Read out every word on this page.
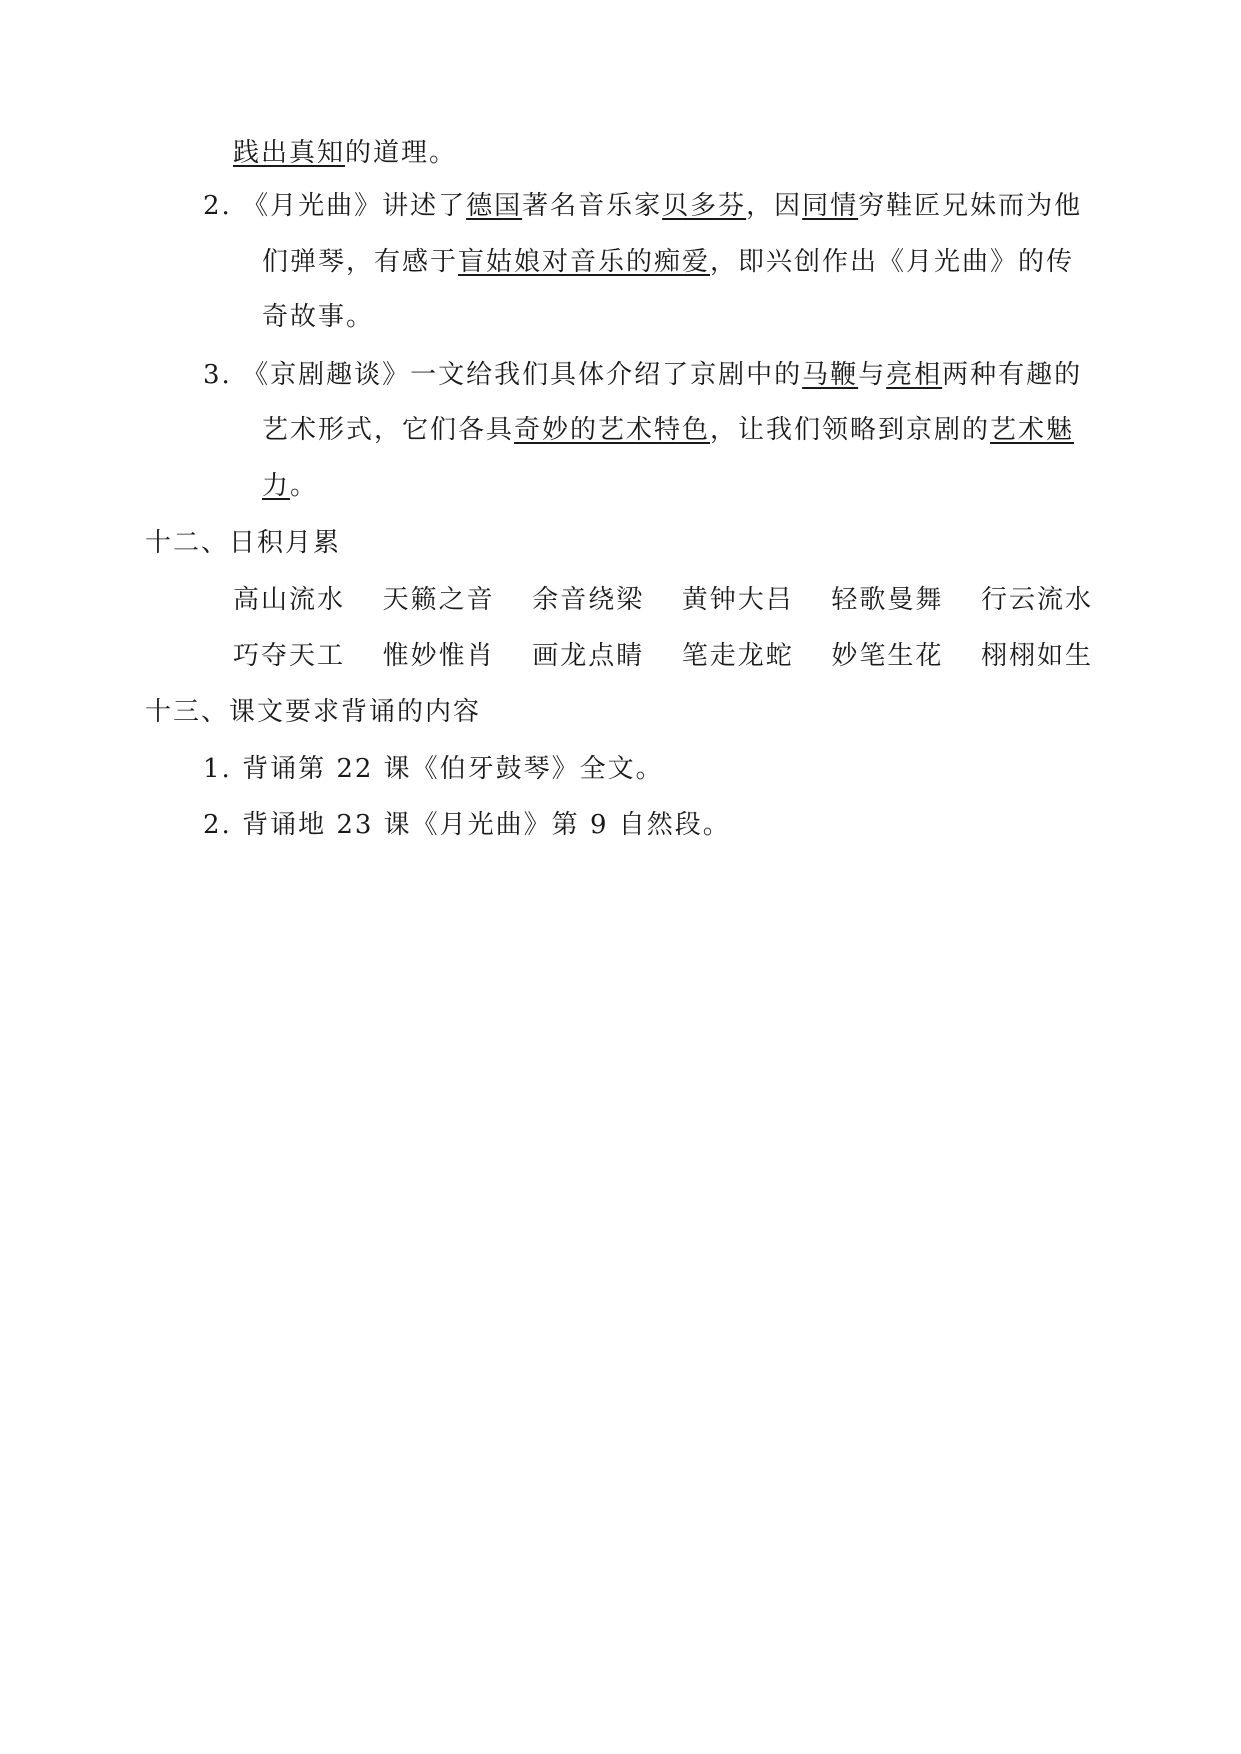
践出真知的道理。
2. 《月光曲》讲述了德国著名音乐家贝多芬，因同情穷鞋匠兄妹而为他
们弹琴，有感于盲姑娘对音乐的痴爱，即兴创作出《月光曲》的传
奇故事。
3. 《京剧趣谈》一文给我们具体介绍了京剧中的马鞭与亮相两种有趣的
艺术形式，它们各具奇妙的艺术特色，让我们领略到京剧的艺术魅
力。
十二、日积月累
高山流水 天籁之音 余音绕梁 黄钟大吕 轻歌曼舞 行云流水
巧夺天工 惟妙惟肖 画龙点睛 笔走龙蛇 妙笔生花 栩栩如生
十三、课文要求背诵的内容
1. 背诵第 22 课《伯牙鼓琴》全文。
2. 背诵地 23 课《月光曲》第 9 自然段。
